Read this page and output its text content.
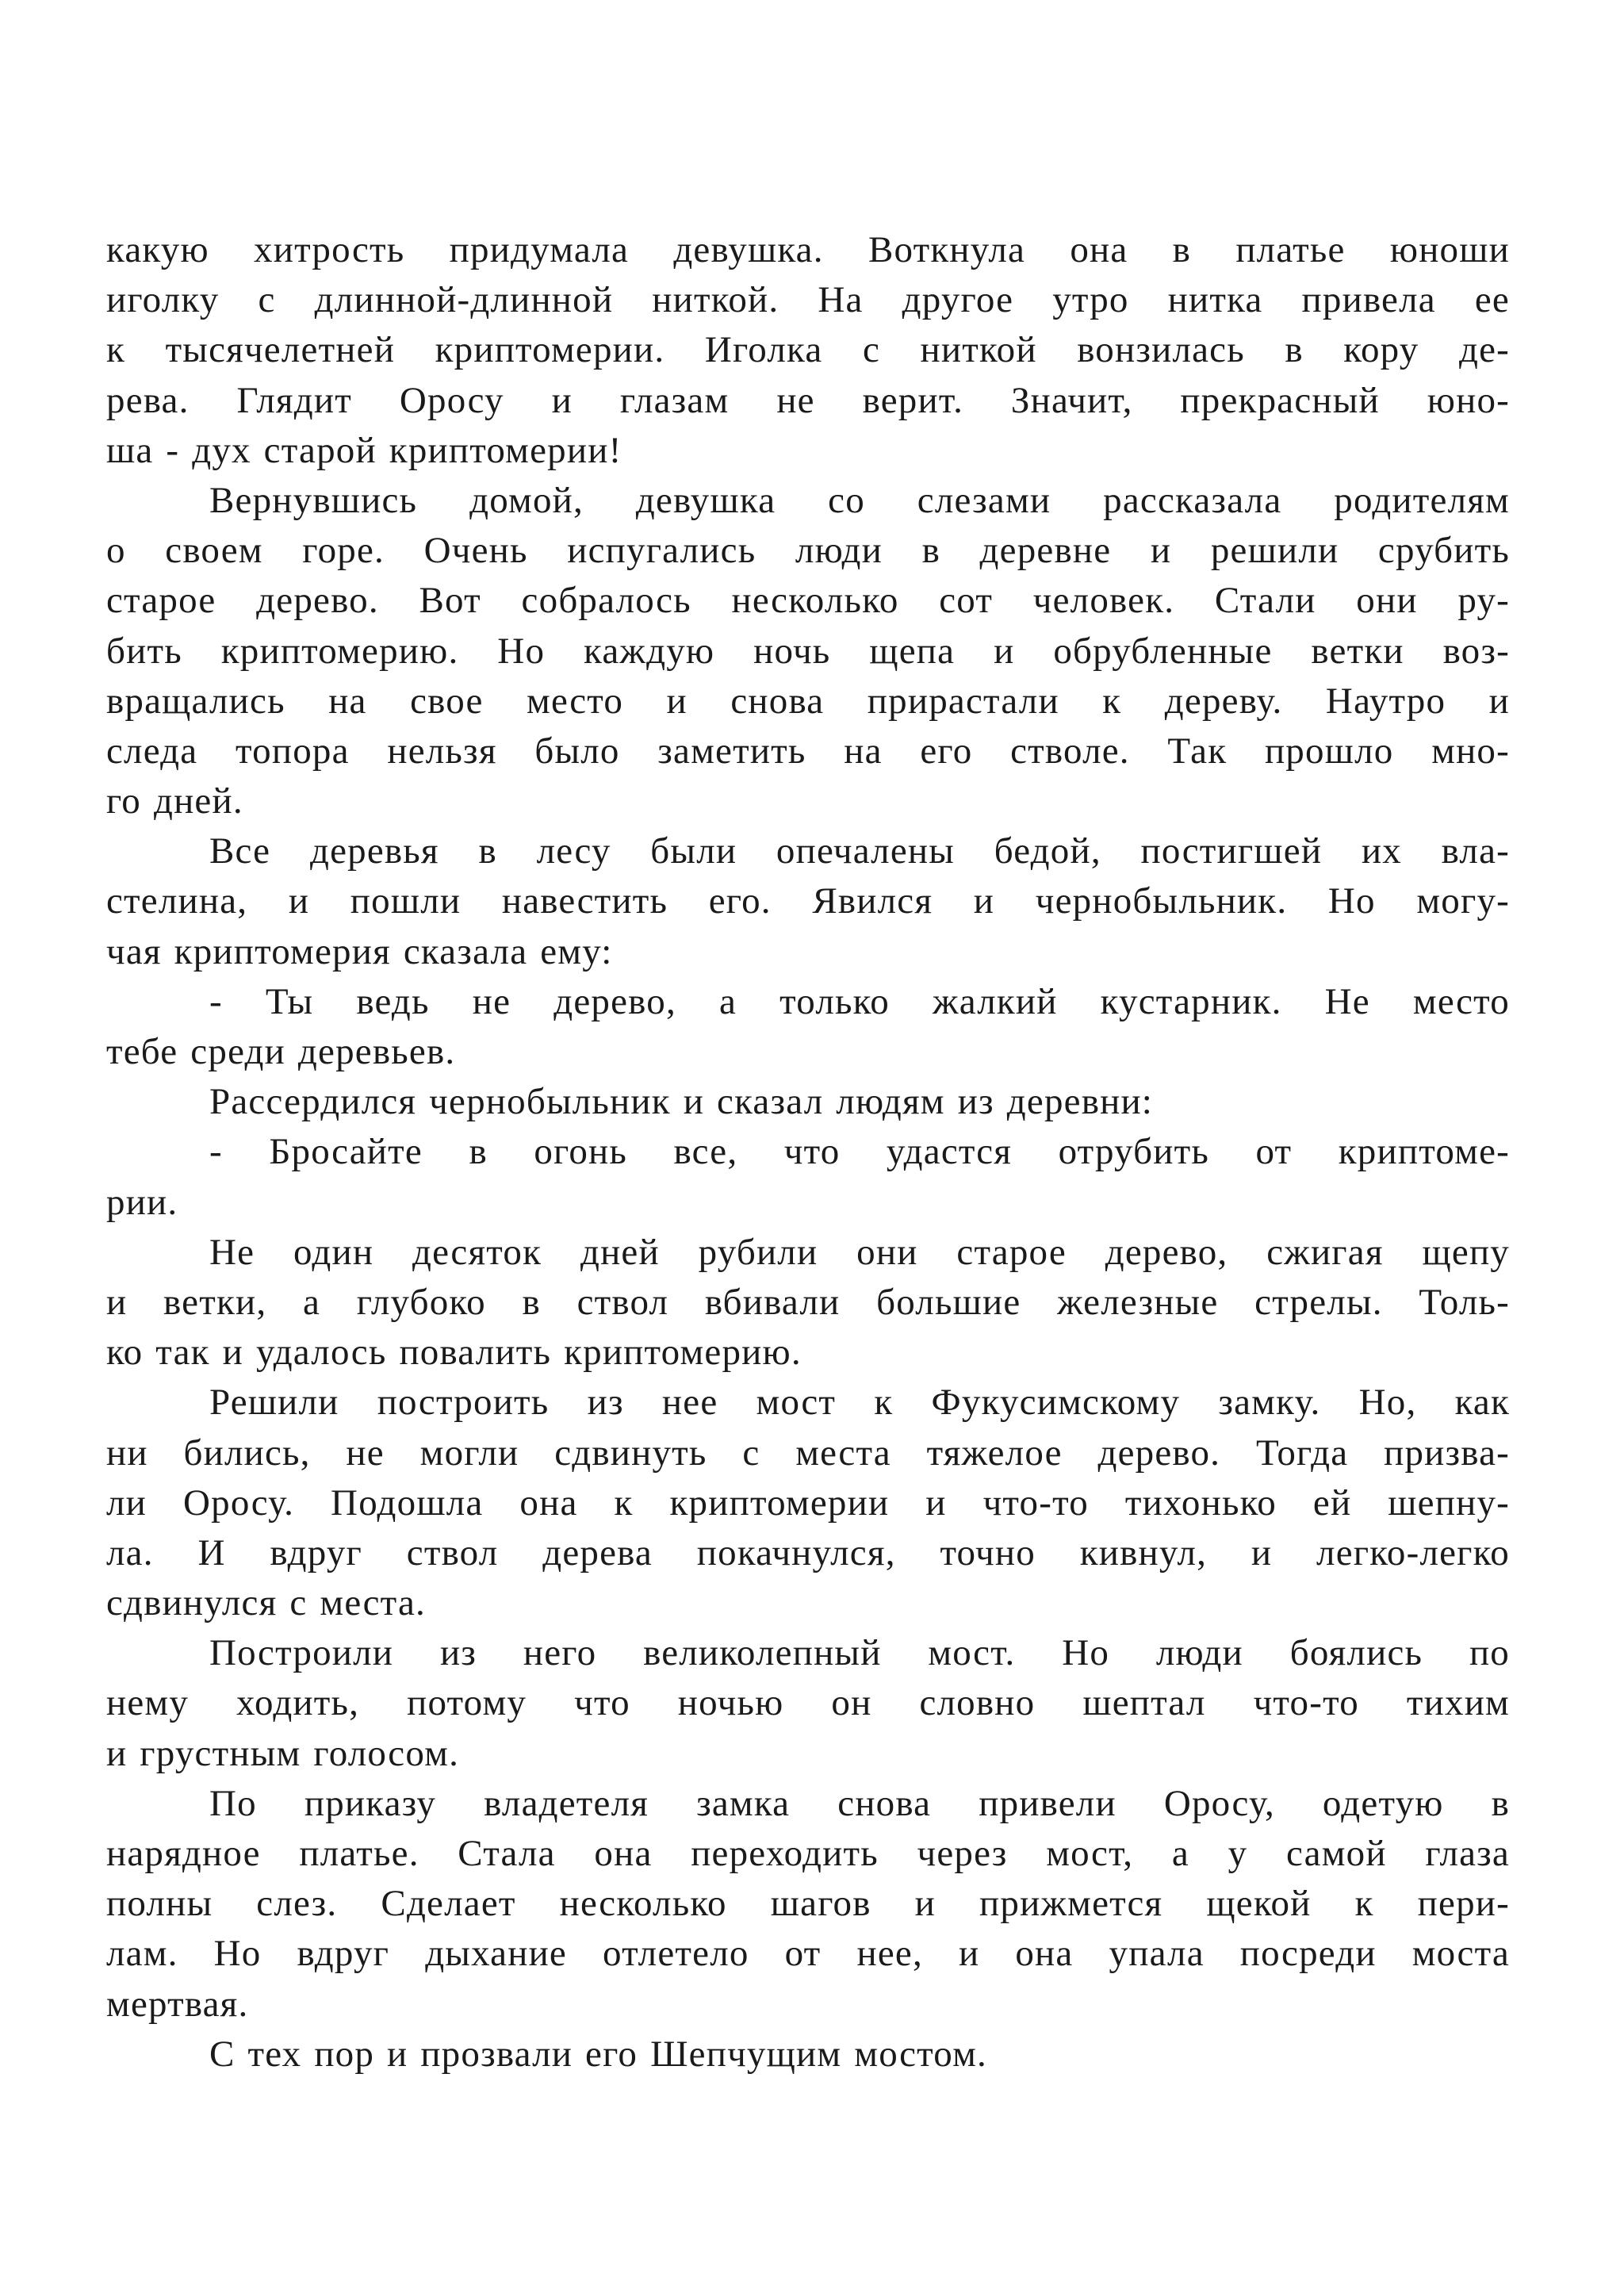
какую хитрость придумала девушка. Воткнула она в платье юноши
иголку с длинной-длинной ниткой. На другое утро нитка привела ее
к тысячелетней криптомерии. Иголка с ниткой вонзилась в кору де-
рева. Глядит Оросу и глазам не верит. Значит, прекрасный юно-
ша - дух старой криптомерии!
Вернувшись домой, девушка со слезами рассказала родителям
о своем горе. Очень испугались люди в деревне и решили срубить
старое дерево. Вот собралось несколько сот человек. Стали они ру-
бить криптомерию. Но каждую ночь щепа и обрубленные ветки воз-
вращались на свое место и снова прирастали к дереву. Наутро и
следа топора нельзя было заметить на его стволе. Так прошло мно-
го дней.
Все деревья в лесу были опечалены бедой, постигшей их вла-
стелина, и пошли навестить его. Явился и чернобыльник. Но могу-
чая криптомерия сказала ему:
- Ты ведь не дерево, а только жалкий кустарник. Не место
тебе среди деревьев.
Рассердился чернобыльник и сказал людям из деревни:
- Бросайте в огонь все, что удастся отрубить от криптоме-
рии.
Не один десяток дней рубили они старое дерево, сжигая щепу
и ветки, а глубоко в ствол вбивали большие железные стрелы. Толь-
ко так и удалось повалить криптомерию.
Решили построить из нее мост к Фукусимскому замку. Но, как
ни бились, не могли сдвинуть с места тяжелое дерево. Тогда призва-
ли Оросу. Подошла она к криптомерии и что-то тихонько ей шепну-
ла. И вдруг ствол дерева покачнулся, точно кивнул, и легко-легко
сдвинулся с места.
Построили из него великолепный мост. Но люди боялись по
нему ходить, потому что ночью он словно шептал что-то тихим
и грустным голосом.
По приказу владетеля замка снова привели Оросу, одетую в
нарядное платье. Стала она переходить через мост, а у самой глаза
полны слез. Сделает несколько шагов и прижмется щекой к пери-
лам. Но вдруг дыхание отлетело от нее, и она упала посреди моста
мертвая.
С тех пор и прозвали его Шепчущим мостом.
